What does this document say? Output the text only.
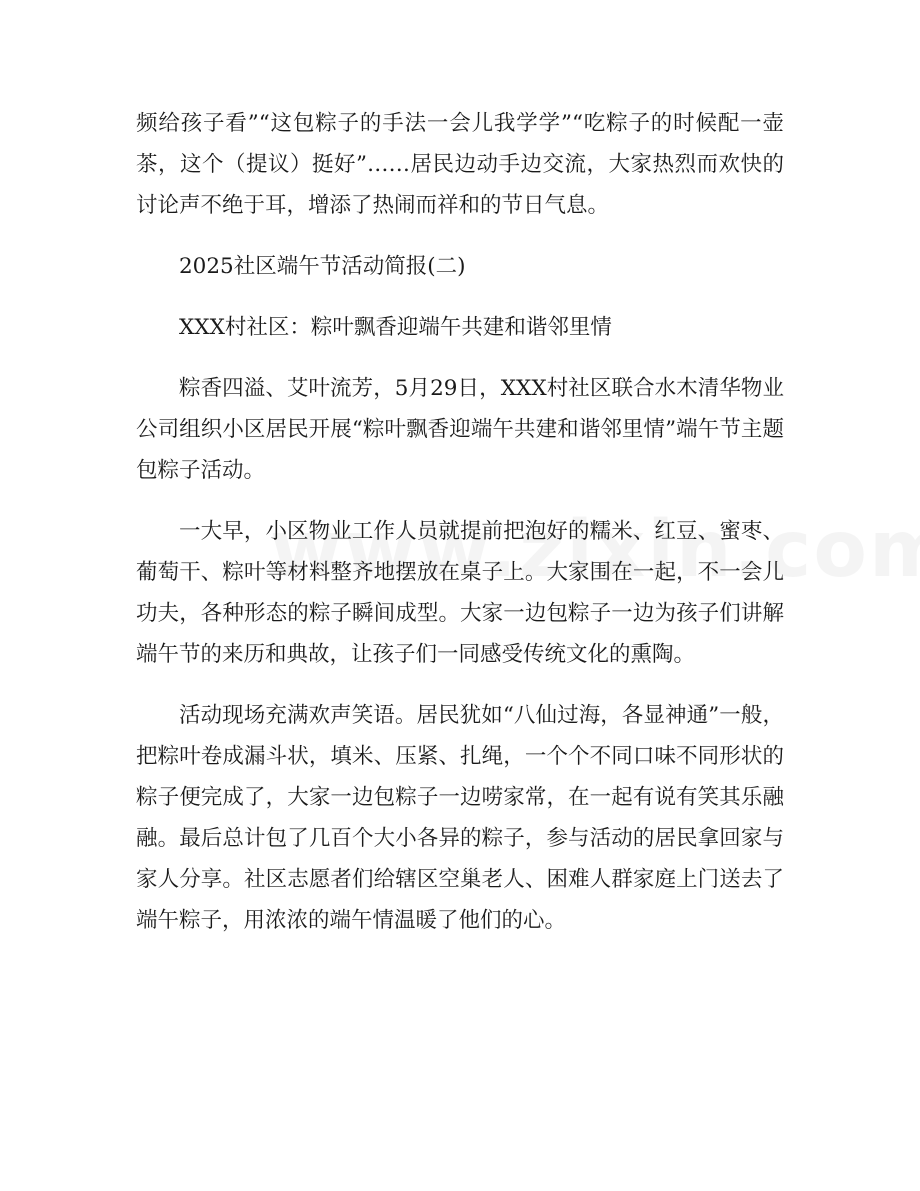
频给孩子看”“这包粽子的手法一会儿我学学”“吃粽子的时候配一壶茶，这个（提议）挺好”……居民边动手边交流，大家热烈而欢快的讨论声不绝于耳，增添了热闹而祥和的节日气息。

2025社区端午节活动简报(二)

XXX村社区：粽叶飘香迎端午共建和谐邻里情

粽香四溢、艾叶流芳，5月29日，XXX村社区联合水木清华物业公司组织小区居民开展“粽叶飘香迎端午共建和谐邻里情”端午节主题包粽子活动。

一大早，小区物业工作人员就提前把泡好的糯米、红豆、蜜枣、葡萄干、粽叶等材料整齐地摆放在桌子上。大家围在一起，不一会儿功夫，各种形态的粽子瞬间成型。大家一边包粽子一边为孩子们讲解端午节的来历和典故，让孩子们一同感受传统文化的熏陶。

活动现场充满欢声笑语。居民犹如“八仙过海，各显神通”一般，把粽叶卷成漏斗状，填米、压紧、扎绳，一个个不同口味不同形状的粽子便完成了，大家一边包粽子一边唠家常，在一起有说有笑其乐融融。最后总计包了几百个大小各异的粽子，参与活动的居民拿回家与家人分享。社区志愿者们给辖区空巢老人、困难人群家庭上门送去了端午粽子，用浓浓的端午情温暖了他们的心。
